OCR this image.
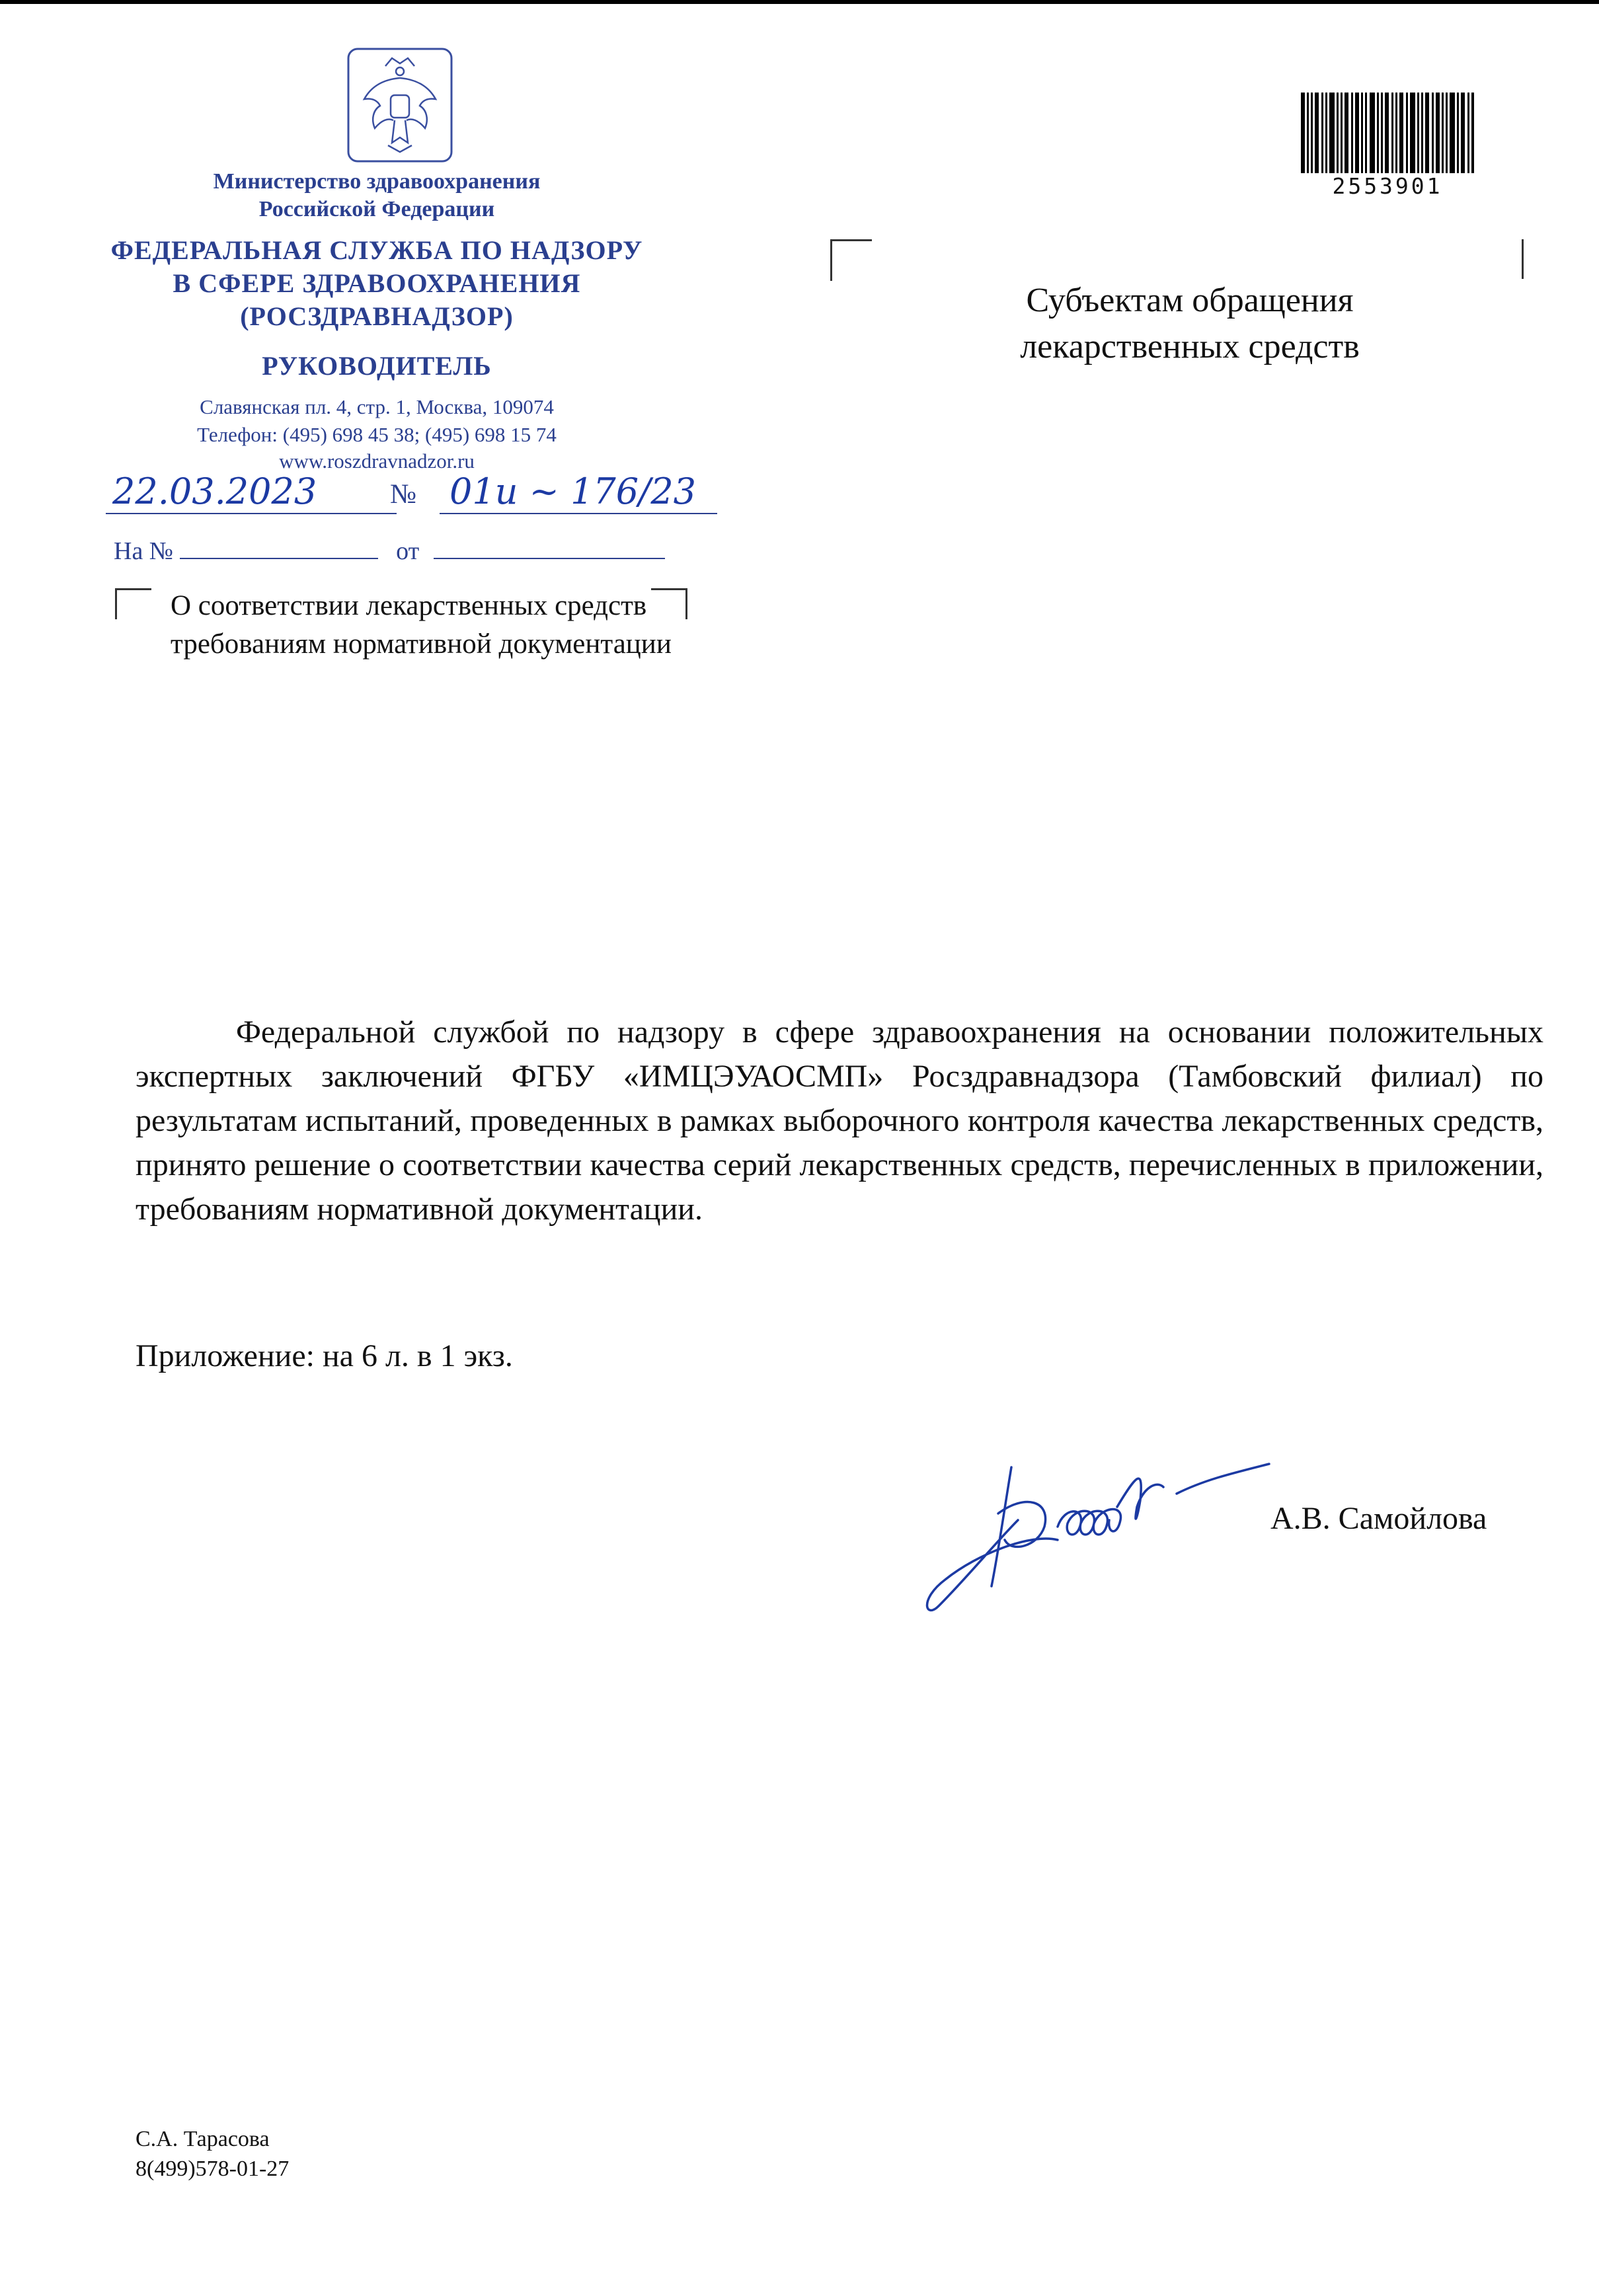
Министерство здравоохранения
Российской Федерации
ФЕДЕРАЛЬНАЯ СЛУЖБА ПО НАДЗОРУ
В СФЕРЕ ЗДРАВООХРАНЕНИЯ
(РОСЗДРАВНАДЗОР)
РУКОВОДИТЕЛЬ
Славянская пл. 4, стр. 1, Москва, 109074
Телефон: (495) 698 45 38; (495) 698 15 74
www.roszdravnadzor.ru
22.03.2023	№ 01и ~ 176/23
На №	от
О соответствии лекарственных средств требованиям нормативной документации
Субъектам обращения лекарственных средств
2553901
Федеральной службой по надзору в сфере здравоохранения на основании положительных экспертных заключений ФГБУ «ИМЦЭУАОСМП» Росздравнадзора (Тамбовский филиал) по результатам испытаний, проведенных в рамках выборочного контроля качества лекарственных средств, принято решение о соответствии качества серий лекарственных средств, перечисленных в приложении, требованиям нормативной документации.
Приложение: на 6 л. в 1 экз.
А.В. Самойлова
С.А. Тарасова
8(499)578-01-27
